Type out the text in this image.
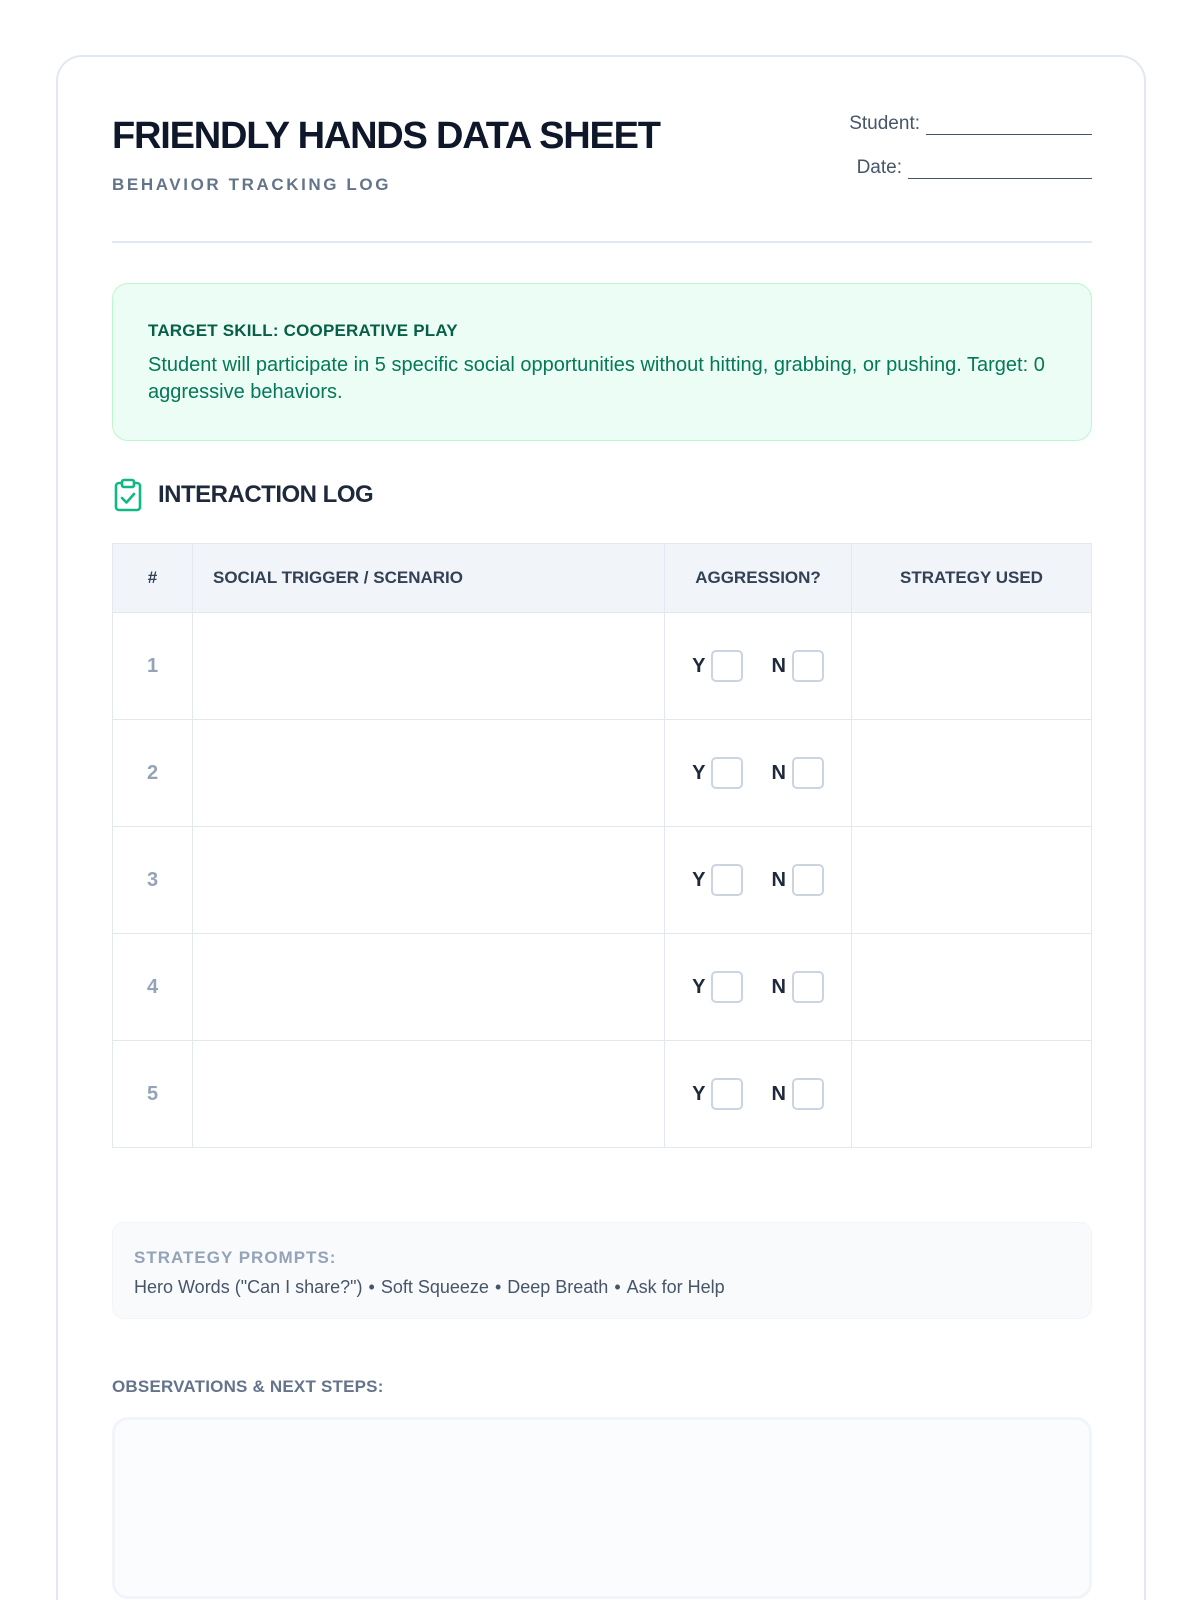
FRIENDLY HANDS DATA SHEET
BEHAVIOR TRACKING LOG
Student:
Date:
TARGET SKILL: COOPERATIVE PLAY
Student will participate in 5 specific social opportunities without hitting, grabbing, or pushing. Target: 0 aggressive behaviors.
INTERACTION LOG
#	SOCIAL TRIGGER / SCENARIO	AGGRESSION?	STRATEGY USED
1		Y N	

2		Y N	

3		Y N	

4		Y N	

5		Y N	

STRATEGY PROMPTS:
Hero Words ("Can I share?") • Soft Squeeze • Deep Breath • Ask for Help
OBSERVATIONS & NEXT STEPS:
